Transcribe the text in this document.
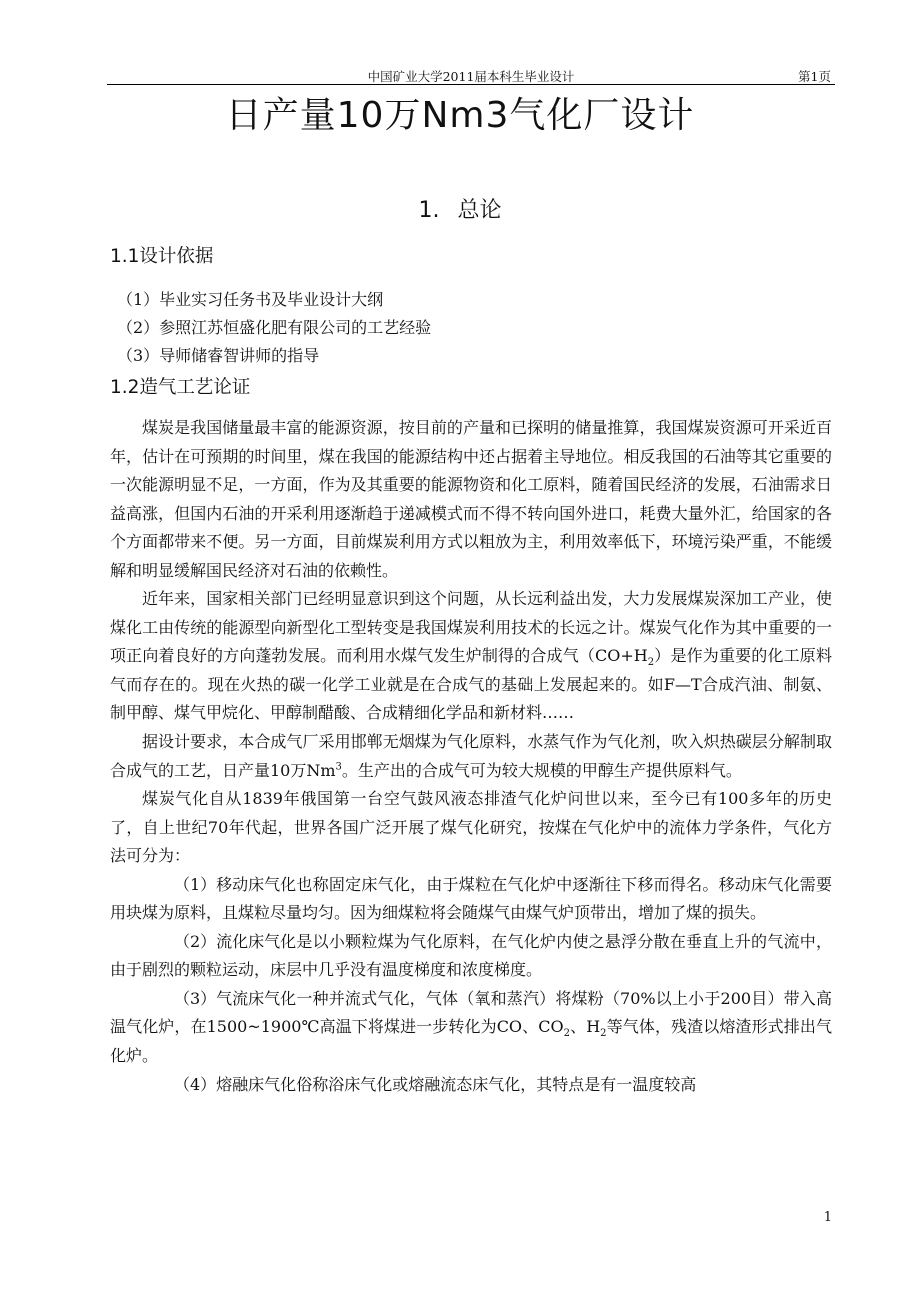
中国矿业大学2011届本科生毕业设计	第1页
日产量10万Nm3气化厂设计
1. 总论
1.1设计依据
（1）毕业实习任务书及毕业设计大纲
（2）参照江苏恒盛化肥有限公司的工艺经验
（3）导师储睿智讲师的指导
1.2造气工艺论证

煤炭是我国储量最丰富的能源资源，按目前的产量和已探明的储量推算，我国煤炭资源可开采近百年，估计在可预期的时间里，煤在我国的能源结构中还占据着主导地位。相反我国的石油等其它重要的一次能源明显不足，一方面，作为及其重要的能源物资和化工原料，随着国民经济的发展，石油需求日益高涨，但国内石油的开采利用逐渐趋于递减模式而不得不转向国外进口，耗费大量外汇，给国家的各个方面都带来不便。另一方面，目前煤炭利用方式以粗放为主，利用效率低下，环境污染严重，不能缓解和明显缓解国民经济对石油的依赖性。

近年来，国家相关部门已经明显意识到这个问题，从长远利益出发，大力发展煤炭深加工产业，使煤化工由传统的能源型向新型化工型转变是我国煤炭利用技术的长远之计。煤炭气化作为其中重要的一项正向着良好的方向蓬勃发展。而利用水煤气发生炉制得的合成气$(CO+H_2)$是作为重要的化工原料气而存在的。现在火热的碳一化学工业就是在合成气的基础上发展起来的。如F—T合成汽油、制氨、制甲醇、煤气甲烷化、甲醇制醋酸、合成精细化学品和新材料……

据设计要求，本合成气厂采用邯郸无烟煤为气化原料，水蒸气作为气化剂，吹入炽热碳层分解制取合成气的工艺，日产量10万Nm$^3$。生产出的合成气可为较大规模的甲醇生产提供原料气。

煤炭气化自从1839年俄国第一台空气鼓风液态排渣气化炉问世以来，至今已有100多年的历史了，自上世纪70年代起，世界各国广泛开展了煤气化研究，按煤在气化炉中的流体力学条件，气化方法可分为：

（1）移动床气化也称固定床气化，由于煤粒在气化炉中逐渐往下移而得名。移动床气化需要用块煤为原料，且煤粒尽量均匀。因为细煤粒将会随煤气由煤气炉顶带出，增加了煤的损失。

（2）流化床气化是以小颗粒煤为气化原料，在气化炉内使之悬浮分散在垂直上升的气流中，由于剧烈的颗粒运动，床层中几乎没有温度梯度和浓度梯度。

（3）气流床气化一种并流式气化，气体（氧和蒸汽）将煤粉（70%以上小于200目）带入高温气化炉，在1500~1900℃高温下将煤进一步转化为CO、$CO_2$、$H_2$等气体，残渣以熔渣形式排出气化炉。

（4）熔融床气化俗称浴床气化或熔融流态床气化，其特点是有一温度较高

1
